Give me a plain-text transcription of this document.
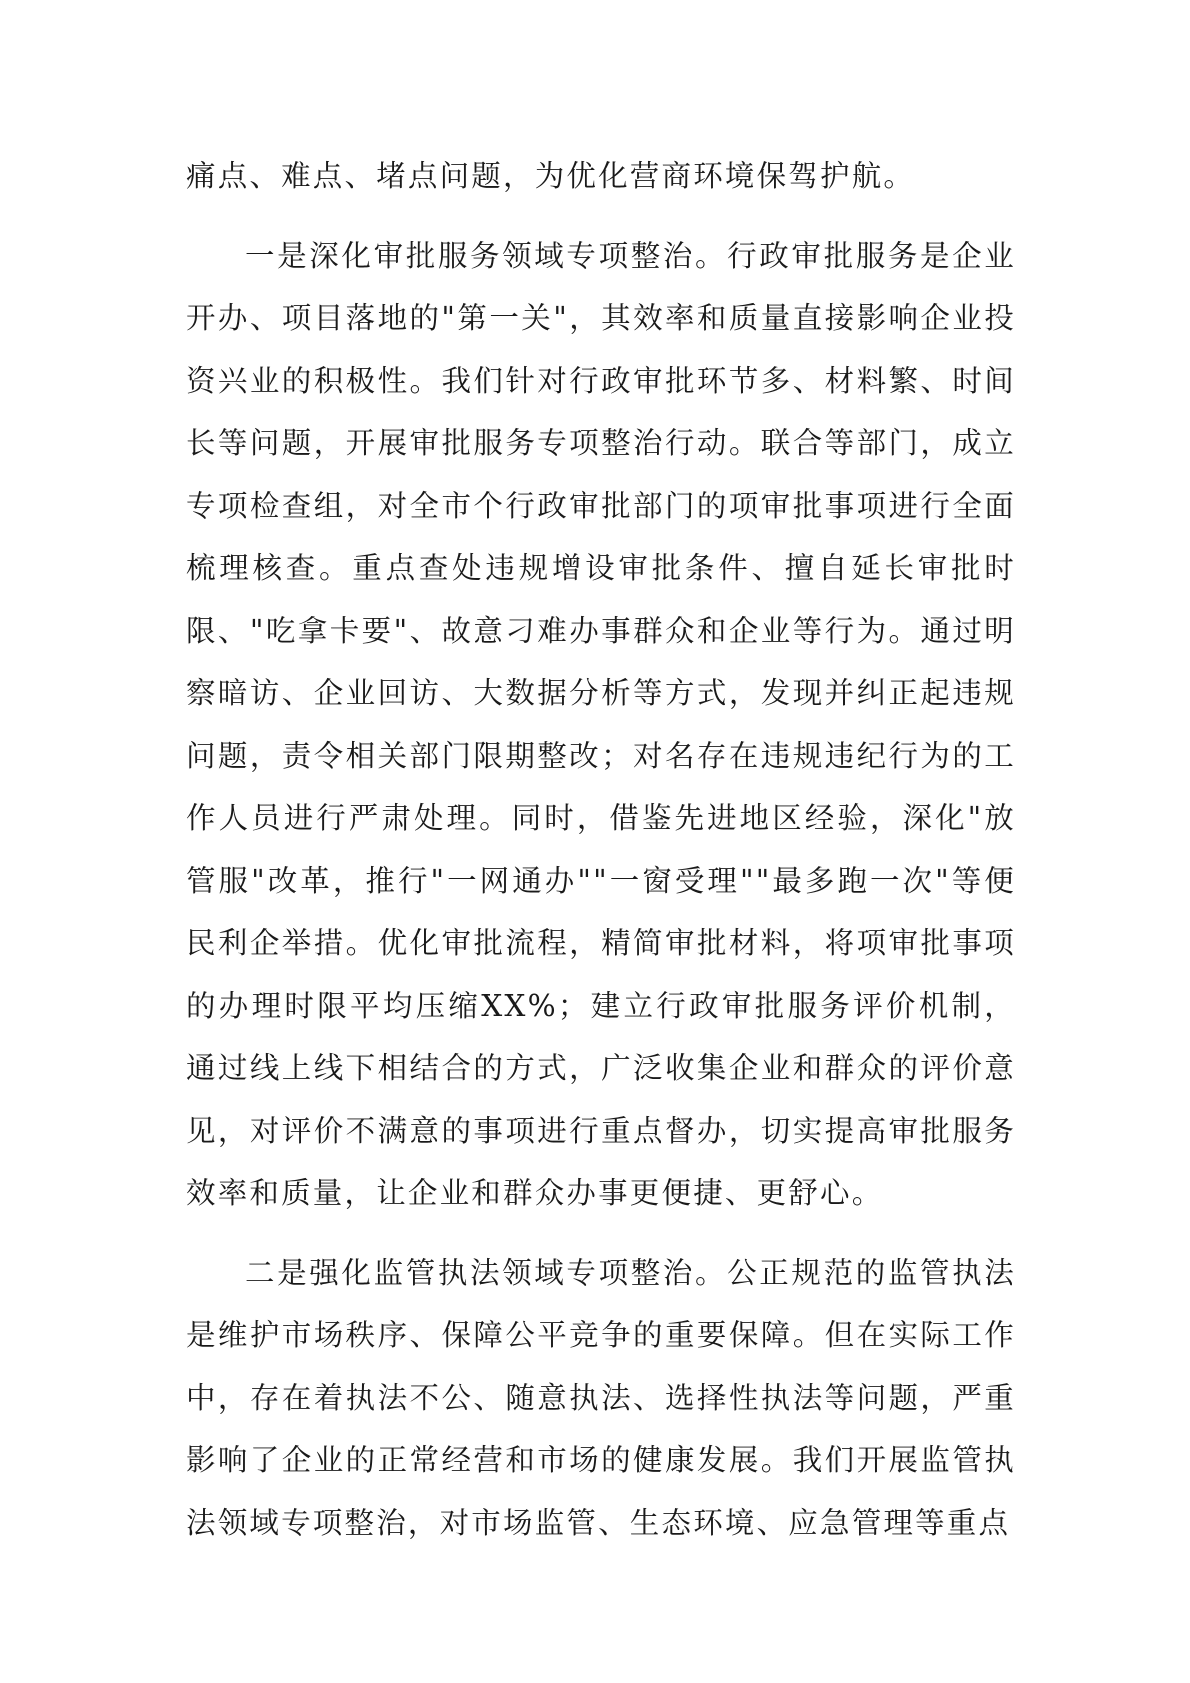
痛点、难点、堵点问题，为优化营商环境保驾护航。

一是深化审批服务领域专项整治。行政审批服务是企业开办、项目落地的"第一关"，其效率和质量直接影响企业投资兴业的积极性。我们针对行政审批环节多、材料繁、时间长等问题，开展审批服务专项整治行动。联合等部门，成立专项检查组，对全市个行政审批部门的项审批事项进行全面梳理核查。重点查处违规增设审批条件、擅自延长审批时限、"吃拿卡要"、故意刁难办事群众和企业等行为。通过明察暗访、企业回访、大数据分析等方式，发现并纠正起违规问题，责令相关部门限期整改；对名存在违规违纪行为的工作人员进行严肃处理。同时，借鉴先进地区经验，深化"放管服"改革，推行"一网通办""一窗受理""最多跑一次"等便民利企举措。优化审批流程，精简审批材料，将项审批事项的办理时限平均压缩XX%；建立行政审批服务评价机制，通过线上线下相结合的方式，广泛收集企业和群众的评价意见，对评价不满意的事项进行重点督办，切实提高审批服务效率和质量，让企业和群众办事更便捷、更舒心。

二是强化监管执法领域专项整治。公正规范的监管执法是维护市场秩序、保障公平竞争的重要保障。但在实际工作中，存在着执法不公、随意执法、选择性执法等问题，严重影响了企业的正常经营和市场的健康发展。我们开展监管执法领域专项整治，对市场监管、生态环境、应急管理等重点
